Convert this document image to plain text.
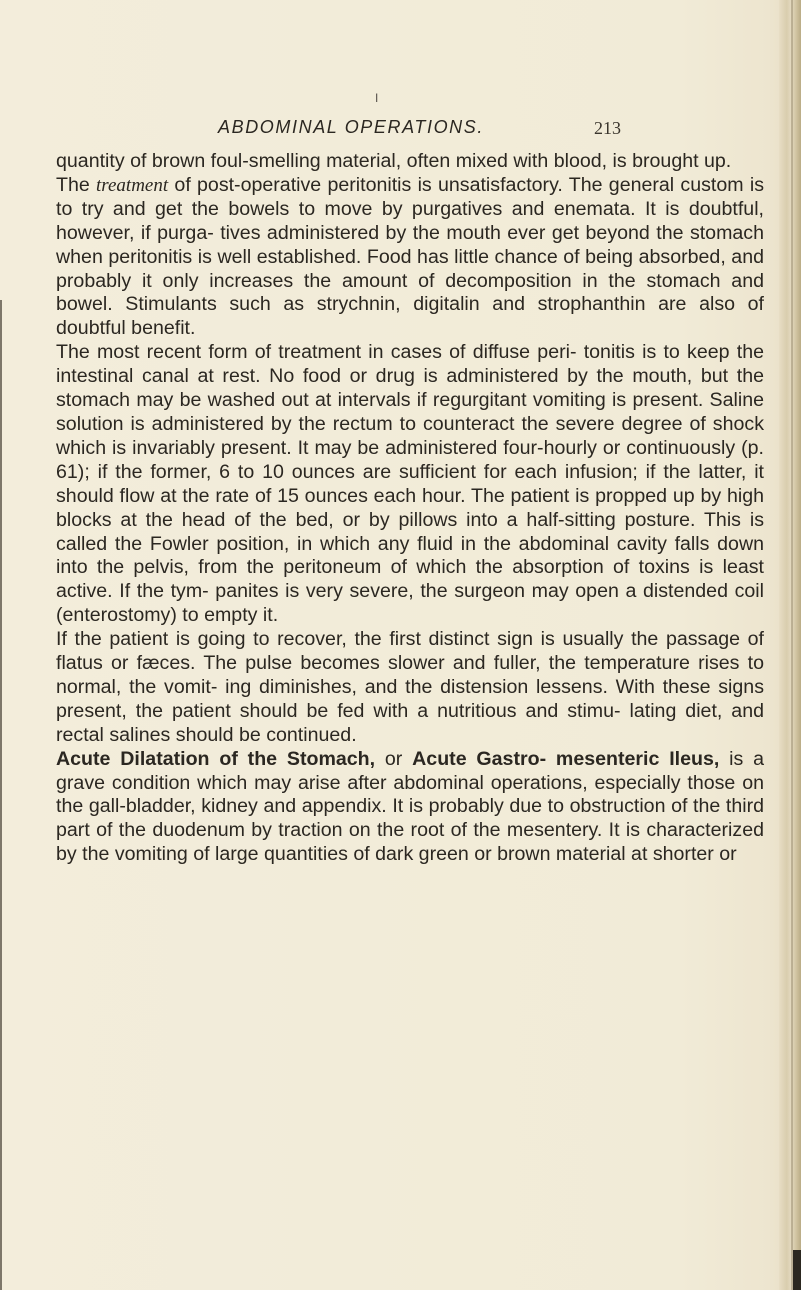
I
ABDOMINAL OPERATIONS.	213

quantity of brown foul-smelling material, often mixed with blood, is brought up.

The treatment of post-operative peritonitis is unsatisfactory. The general custom is to try and get the bowels to move by purgatives and enemata. It is doubtful, however, if purga- tives administered by the mouth ever get beyond the stomach when peritonitis is well established. Food has little chance of being absorbed, and probably it only increases the amount of decomposition in the stomach and bowel. Stimulants such as strychnin, digitalin and strophanthin are also of doubtful benefit.

The most recent form of treatment in cases of diffuse peri- tonitis is to keep the intestinal canal at rest. No food or drug is administered by the mouth, but the stomach may be washed out at intervals if regurgitant vomiting is present. Saline solution is administered by the rectum to counteract the severe degree of shock which is invariably present. It may be administered four-hourly or continuously (p. 61); if the former, 6 to 10 ounces are sufficient for each infusion; if the latter, it should flow at the rate of 15 ounces each hour. The patient is propped up by high blocks at the head of the bed, or by pillows into a half-sitting posture. This is called the Fowler position, in which any fluid in the abdominal cavity falls down into the pelvis, from the peritoneum of which the absorption of toxins is least active. If the tym- panites is very severe, the surgeon may open a distended coil (enterostomy) to empty it.

If the patient is going to recover, the first distinct sign is usually the passage of flatus or fæces. The pulse becomes slower and fuller, the temperature rises to normal, the vomit- ing diminishes, and the distension lessens. With these signs present, the patient should be fed with a nutritious and stimu- lating diet, and rectal salines should be continued.

Acute Dilatation of the Stomach, or Acute Gastro- mesenteric Ileus, is a grave condition which may arise after abdominal operations, especially those on the gall-bladder, kidney and appendix. It is probably due to obstruction of the third part of the duodenum by traction on the root of the mesentery. It is characterized by the vomiting of large quantities of dark green or brown material at shorter or
